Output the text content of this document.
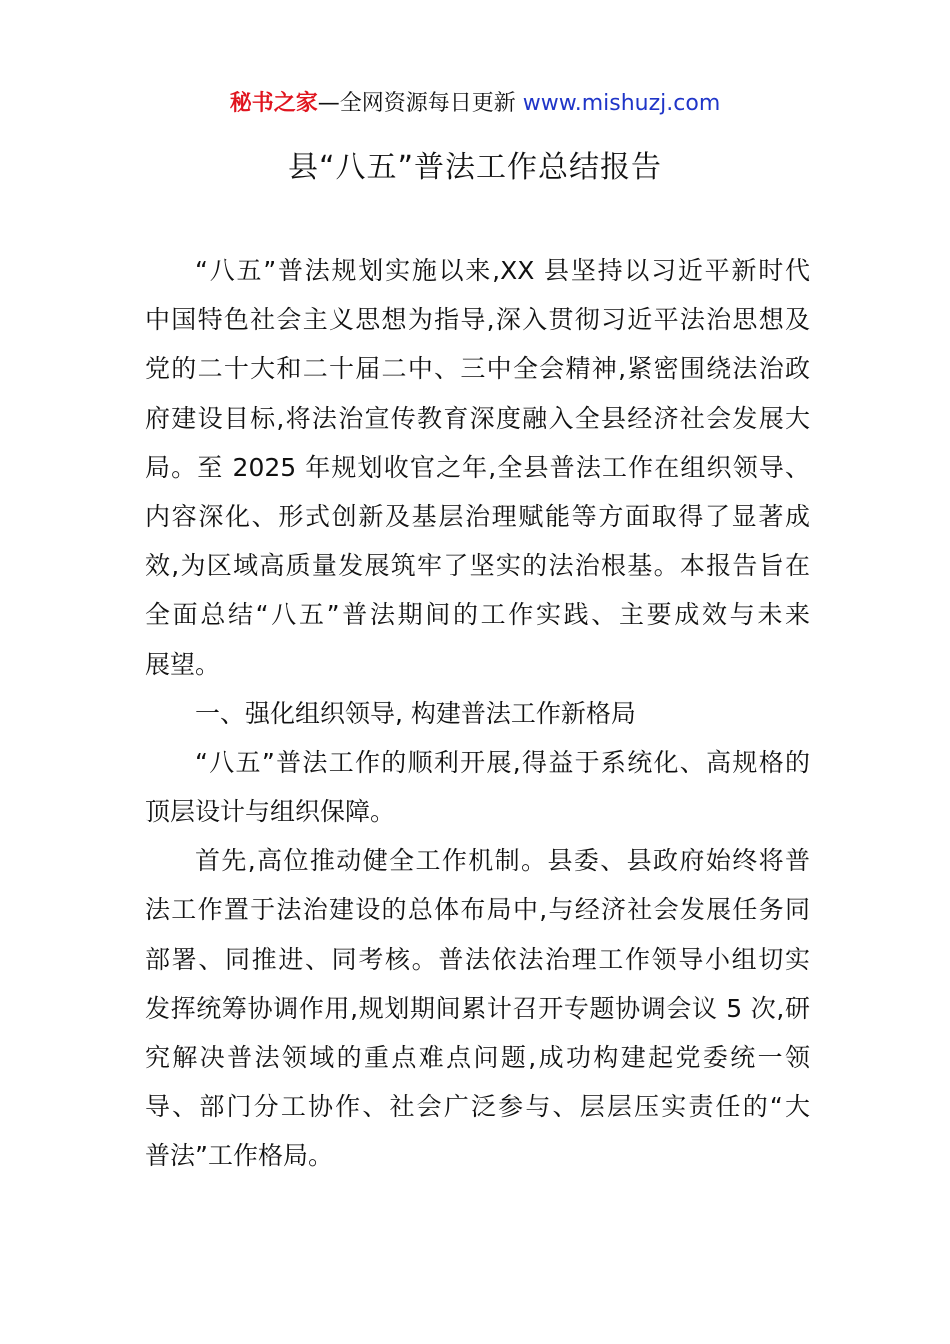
秘书之家—全网资源每日更新 www.mishuzj.com
县“八五”普法工作总结报告
“八五”普法规划实施以来,XX 县坚持以习近平新时代
中国特色社会主义思想为指导,深入贯彻习近平法治思想及
党的二十大和二十届二中、三中全会精神,紧密围绕法治政
府建设目标,将法治宣传教育深度融入全县经济社会发展大
局。至 2025 年规划收官之年,全县普法工作在组织领导、
内容深化、形式创新及基层治理赋能等方面取得了显著成
效,为区域高质量发展筑牢了坚实的法治根基。本报告旨在
全面总结“八五”普法期间的工作实践、主要成效与未来
展望。
一、强化组织领导, 构建普法工作新格局
“八五”普法工作的顺利开展,得益于系统化、高规格的
顶层设计与组织保障。
首先,高位推动健全工作机制。县委、县政府始终将普
法工作置于法治建设的总体布局中,与经济社会发展任务同
部署、同推进、同考核。普法依法治理工作领导小组切实
发挥统筹协调作用,规划期间累计召开专题协调会议 5 次,研
究解决普法领域的重点难点问题,成功构建起党委统一领
导、部门分工协作、社会广泛参与、层层压实责任的“大
普法”工作格局。
